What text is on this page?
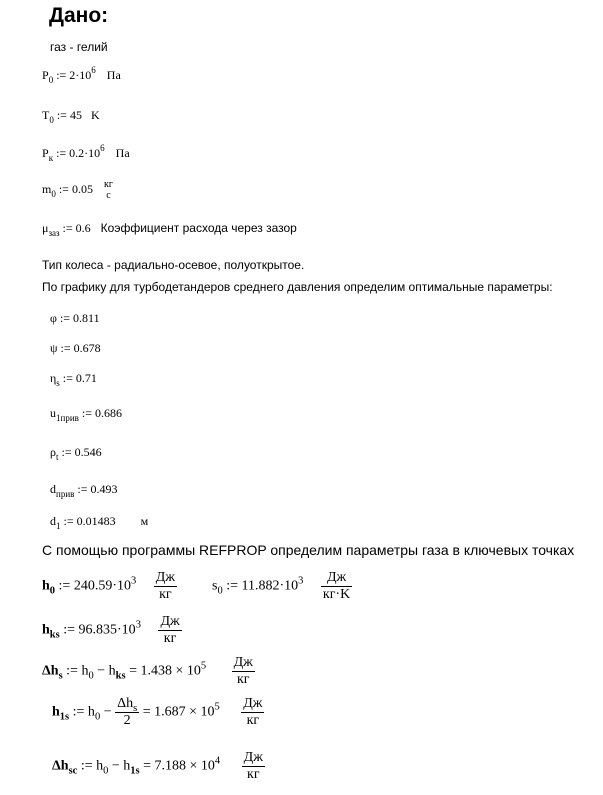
Дано:
газ - гелий
$P_0$ := $2\cdot 10^6$ Па
$T_0$ := 45 K
$P_к$ := $0.2\cdot 10^6$ Па
$m_0$ := 0.05 кг
с
$\mu_{заз}$ := 0.6 Коэффициент расхода через зазор
Тип колеса - радиально-осевое, полуоткрытое.
По графику для турбодетандеров среднего давления определим оптимальные параметры:
φ := 0.811
ψ := 0.678
$\eta_s$ := 0.71
$u_{1прив}$ := 0.686
$\rho_t$ := 0.546
$d_{прив}$ := 0.493
$d_1$ := 0.01483 м
С помощью программы REFPROP определим параметры газа в ключевых точках
$h_0$ := $240.59\cdot 10^3 \frac{Дж}{кг}$	$s_0$ := $11.882\cdot 10^3 \frac{Дж}{кг\cdot K}$
$h_{ks}$ := $96.835\cdot 10^3 \frac{Дж}{кг}$
$\Delta h_s$ := $h_0 - h_{ks} = 1.438 \times 10^5 \frac{Дж}{кг}$
$h_{1s}$ := $h_0 - \frac{\Delta h_s}{2} = 1.687 \times 10^5 \frac{Дж}{кг}$
$\Delta h_{sc}$ := $h_0 - h_{1s} = 7.188 \times 10^4 \frac{Дж}{кг}$
